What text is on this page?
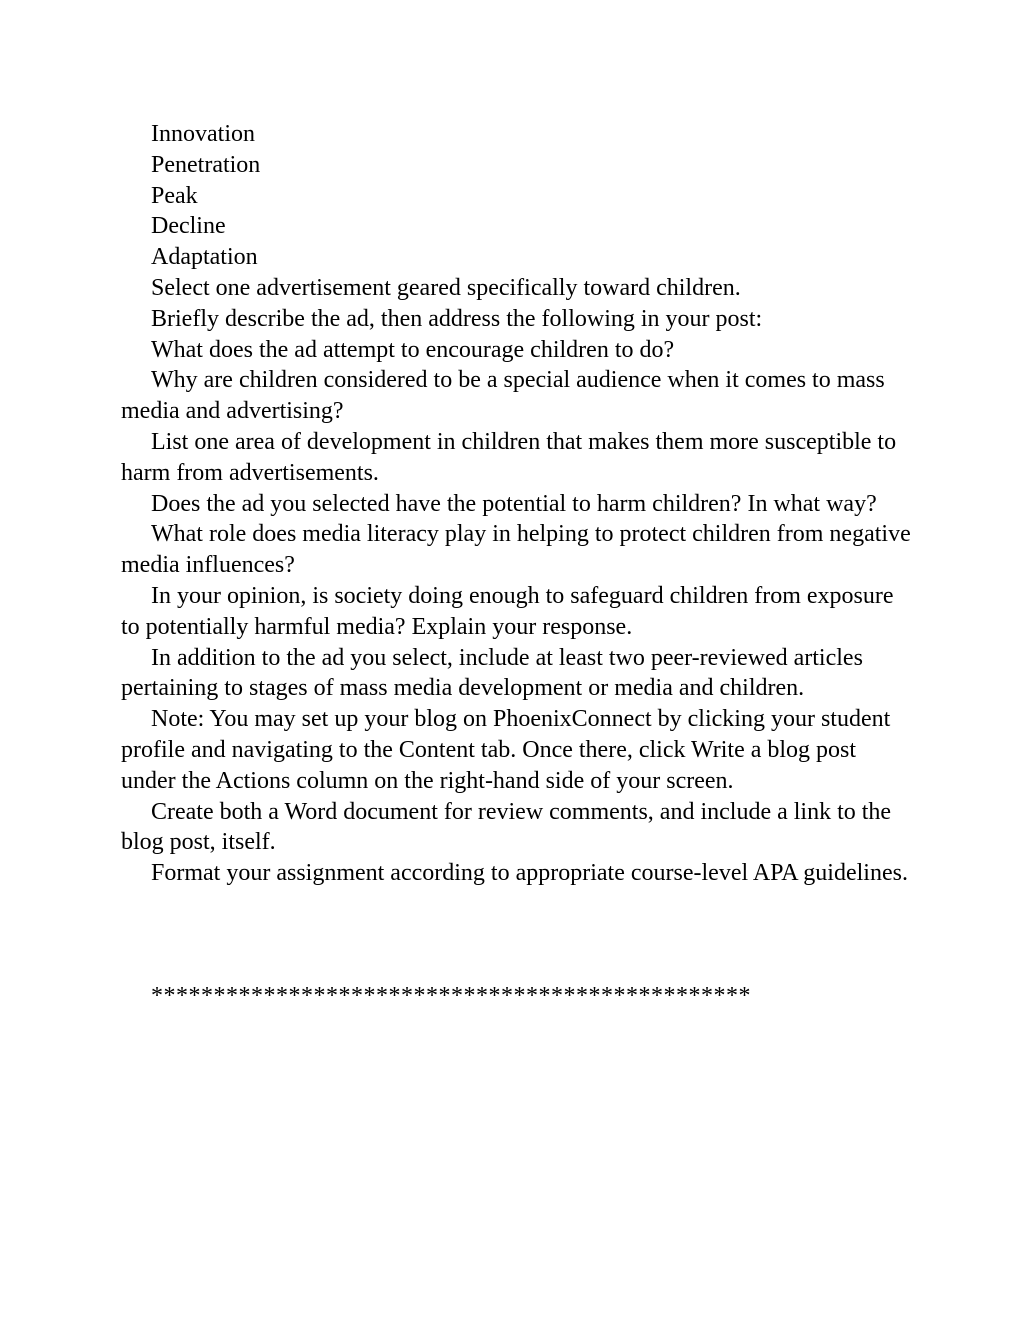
Innovation
Penetration
Peak
Decline
Adaptation

Select one advertisement geared specifically toward children.

Briefly describe the ad, then address the following in your post:

What does the ad attempt to encourage children to do?

Why are children considered to be a special audience when it comes to mass media and advertising?

List one area of development in children that makes them more susceptible to harm from advertisements.

Does the ad you selected have the potential to harm children? In what way?

What role does media literacy play in helping to protect children from negative media influences?

In your opinion, is society doing enough to safeguard children from exposure to potentially harmful media? Explain your response.

In addition to the ad you select, include at least two peer-reviewed articles pertaining to stages of mass media development or media and children.

Note: You may set up your blog on PhoenixConnect by clicking your student profile and navigating to the Content tab. Once there, click Write a blog post under the Actions column on the right-hand side of your screen.

Create both a Word document for review comments, and include a link to the blog post, itself.

Format your assignment according to appropriate course-level APA guidelines.

************************************************
